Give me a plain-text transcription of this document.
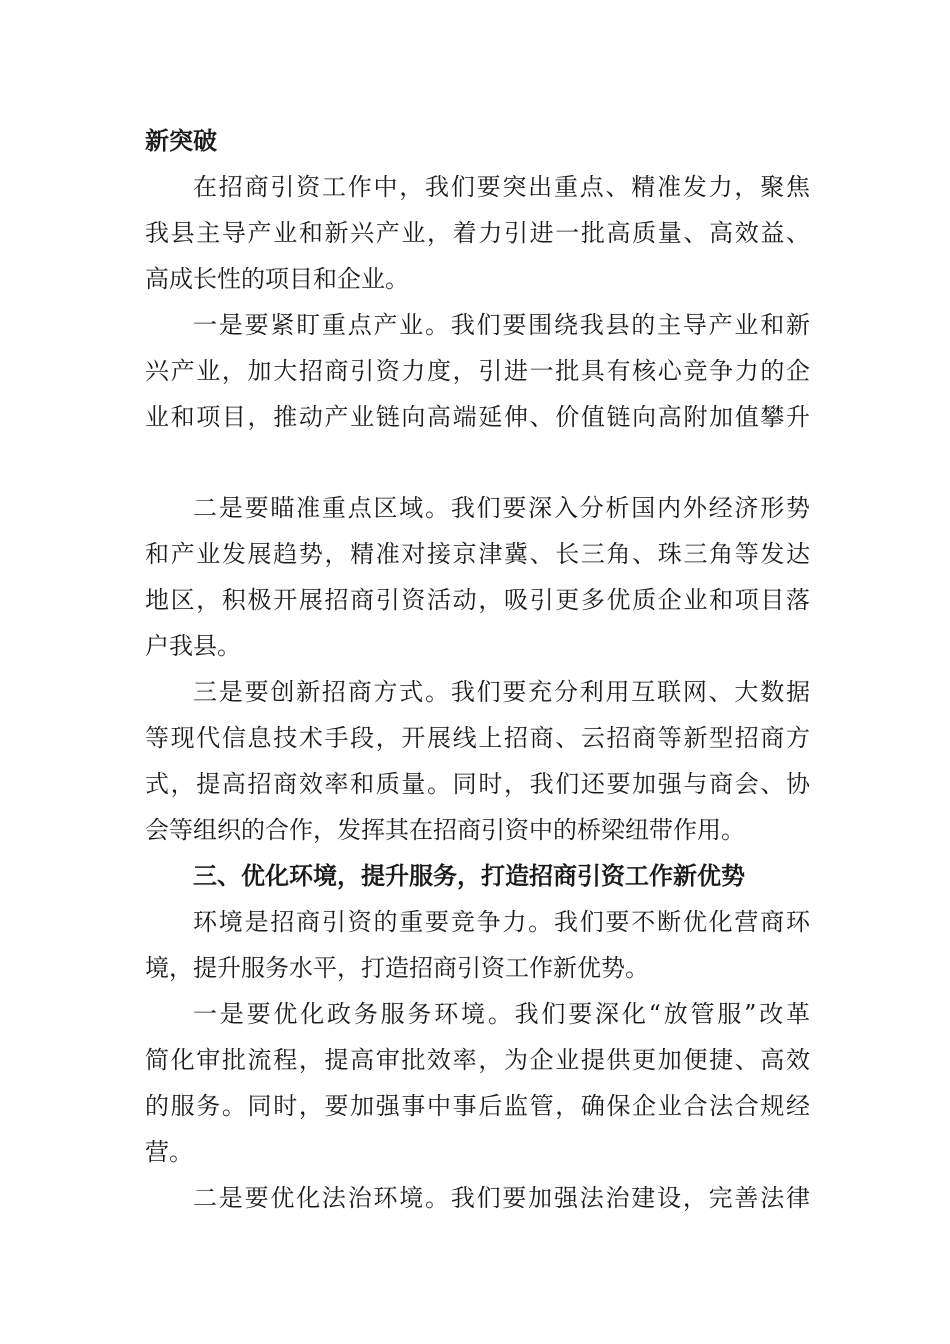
新突破
在招商引资工作中，我们要突出重点、精准发力，聚焦
我县主导产业和新兴产业，着力引进一批高质量、高效益、
高成长性的项目和企业。
一是要紧盯重点产业。我们要围绕我县的主导产业和新
兴产业，加大招商引资力度，引进一批具有核心竞争力的企
业和项目，推动产业链向高端延伸、价值链向高附加值攀升
二是要瞄准重点区域。我们要深入分析国内外经济形势
和产业发展趋势，精准对接京津冀、长三角、珠三角等发达
地区，积极开展招商引资活动，吸引更多优质企业和项目落
户我县。
三是要创新招商方式。我们要充分利用互联网、大数据
等现代信息技术手段，开展线上招商、云招商等新型招商方
式，提高招商效率和质量。同时，我们还要加强与商会、协
会等组织的合作，发挥其在招商引资中的桥梁纽带作用。
三、优化环境，提升服务，打造招商引资工作新优势
环境是招商引资的重要竞争力。我们要不断优化营商环
境，提升服务水平，打造招商引资工作新优势。
一是要优化政务服务环境。我们要深化“放管服”改革
简化审批流程，提高审批效率，为企业提供更加便捷、高效
的服务。同时，要加强事中事后监管，确保企业合法合规经
营。
二是要优化法治环境。我们要加强法治建设，完善法律
